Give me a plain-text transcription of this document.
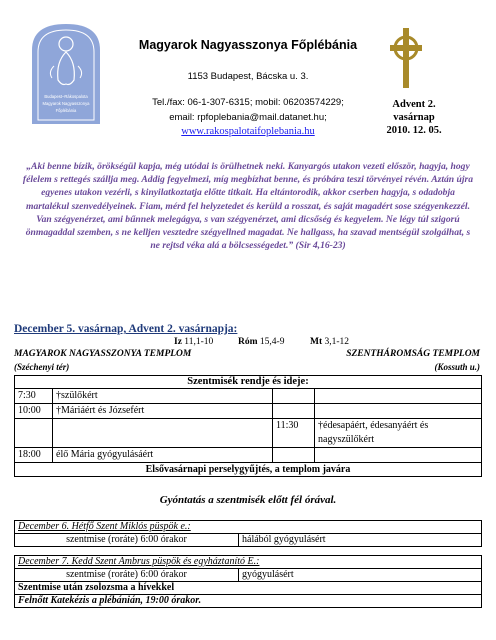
Budapest–Rákospalota
Magyarok Nagyasszonya
Főplébánia
Magyarok Nagyasszonya Főplébánia
1153 Budapest, Bácska u. 3.
Tel./fax: 06-1-307-6315; mobil: 06203574229;
email: rpfoplebania@mail.datanet.hu;
www.rakospalotaifoplebania.hu
Advent 2.
vasárnap
2010. 12. 05.
„Aki benne bízik, örökségül kapja, még utódai is örülhetnek neki. Kanyargós utakon vezeti először, hagyja, hogy félelem s rettegés szállja meg. Addig fegyelmezi, míg megbízhat benne, és próbára teszi törvényei révén. Aztán újra egyenes utakon vezérli, s kinyilatkoztatja előtte titkait. Ha eltántorodik, akkor cserben hagyja, s odadobja martalékul szenvedélyeinek. Fiam, mérd fel helyzetedet és kerüld a rosszat, és saját magadért sose szégyenkezzél. Van szégyenérzet, ami bűnnek melegágya, s van szégyenérzet, ami dicsőség és kegyelem. Ne légy túl szigorú önmagaddal szemben, s ne kelljen vesztedre szégyellned magadat. Ne hallgass, ha szavad mentségül szolgálhat, s ne rejtsd véka alá a bölcsességedet.” (Sir 4,16-23)
December 5. vasárnap, Advent 2. vasárnapja:
Iz 11,1-10	Róm 15,4-9	Mt 3,1-12
MAGYAROK NAGYASSZONYA TEMPLOM	SZENTHÁROMSÁG TEMPLOM
(Széchenyi tér)	(Kossuth u.)
Szentmisék rendje és ideje:			
7:30	†szülőkért		
10:00	†Máriáért és Józsefért		
		11:30	†édesapáért, édesanyáért és nagyszülőkért
18:00	élő Mária gyógyulásáért		
Elsővasárnapi perselygyűjtés, a templom javára			
Gyóntatás a szentmisék előtt fél órával.
December 6. Hétfő Szent Miklós püspök e.:	
szentmise (roráte) 6:00 órakor	hálából gyógyulásért

December 7. Kedd Szent Ambrus püspök és egyháztanító E.:	
szentmise (roráte) 6:00 órakor	gyógyulásért
Szentmise után zsolozsma a hívekkel	
Felnőtt Katekézis a plébánián, 19:00 órakor.	
